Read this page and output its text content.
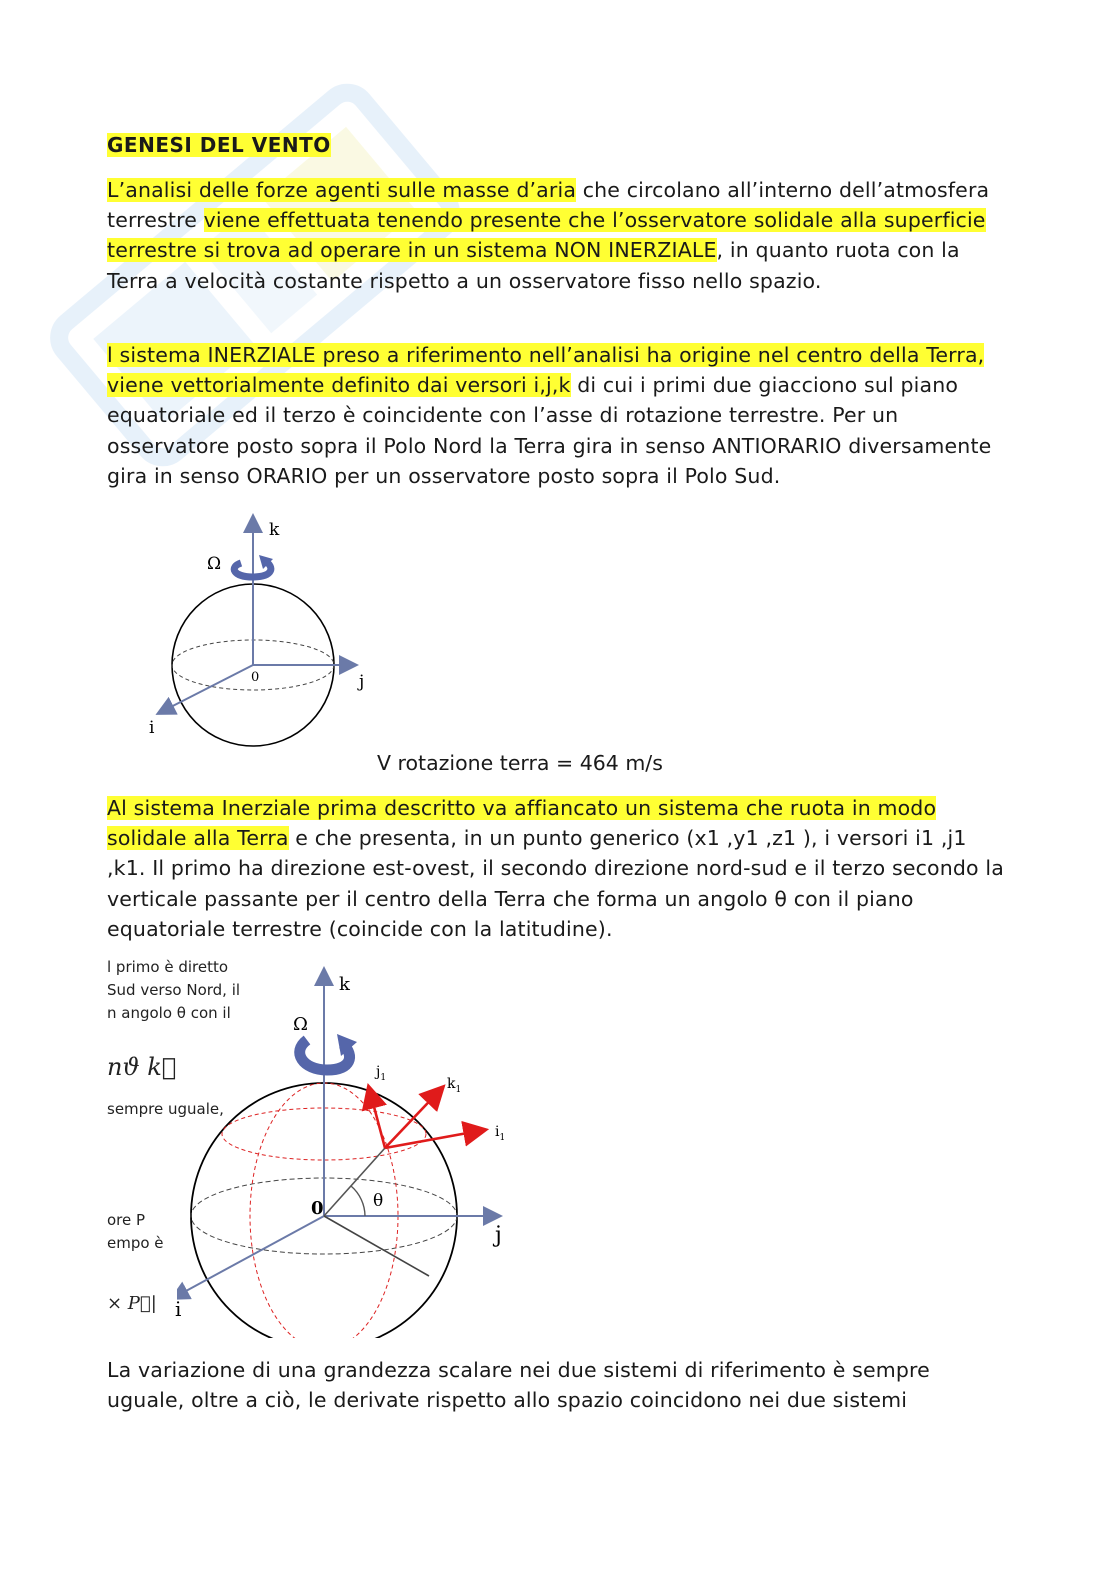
GENESI DEL VENTO
L’analisi delle forze agenti sulle masse d’aria che circolano all’interno dell’atmosfera terrestre viene effettuata tenendo presente che l’osservatore solidale alla superficie terrestre si trova ad operare in un sistema NON INERZIALE, in quanto ruota con la Terra a velocità costante rispetto a un osservatore fisso nello spazio.
l sistema INERZIALE preso a riferimento nell’analisi ha origine nel centro della Terra, viene vettorialmente definito dai versori i,j,k di cui i primi due giacciono sul piano equatoriale ed il terzo è coincidente con l’asse di rotazione terrestre. Per un osservatore posto sopra il Polo Nord la Terra gira in senso ANTIORARIO diversamente gira in senso ORARIO per un osservatore posto sopra il Polo Sud.
k
Ω
0	j
i
V rotazione terra = 464 m/s
Al sistema Inerziale prima descritto va affiancato un sistema che ruota in modo solidale alla Terra e che presenta, in un punto generico (x1 ,y1 ,z1 ), i versori i1 ,j1 ,k1. Il primo ha direzione est-ovest, il secondo direzione nord-sud e il terzo secondo la verticale passante per il centro della Terra che forma un angolo θ con il piano equatoriale terrestre (coincide con la latitudine).
l primo è diretto
Sud verso Nord, il
n angolo θ con il
nϑ k⃗
sempre uguale,
ore P
empo è
× P⃗|
k
Ω
0	θ
j
i
$j_1$	$k_1$
$i_1$
La variazione di una grandezza scalare nei due sistemi di riferimento è sempre uguale, oltre a ciò, le derivate rispetto allo spazio coincidono nei due sistemi
